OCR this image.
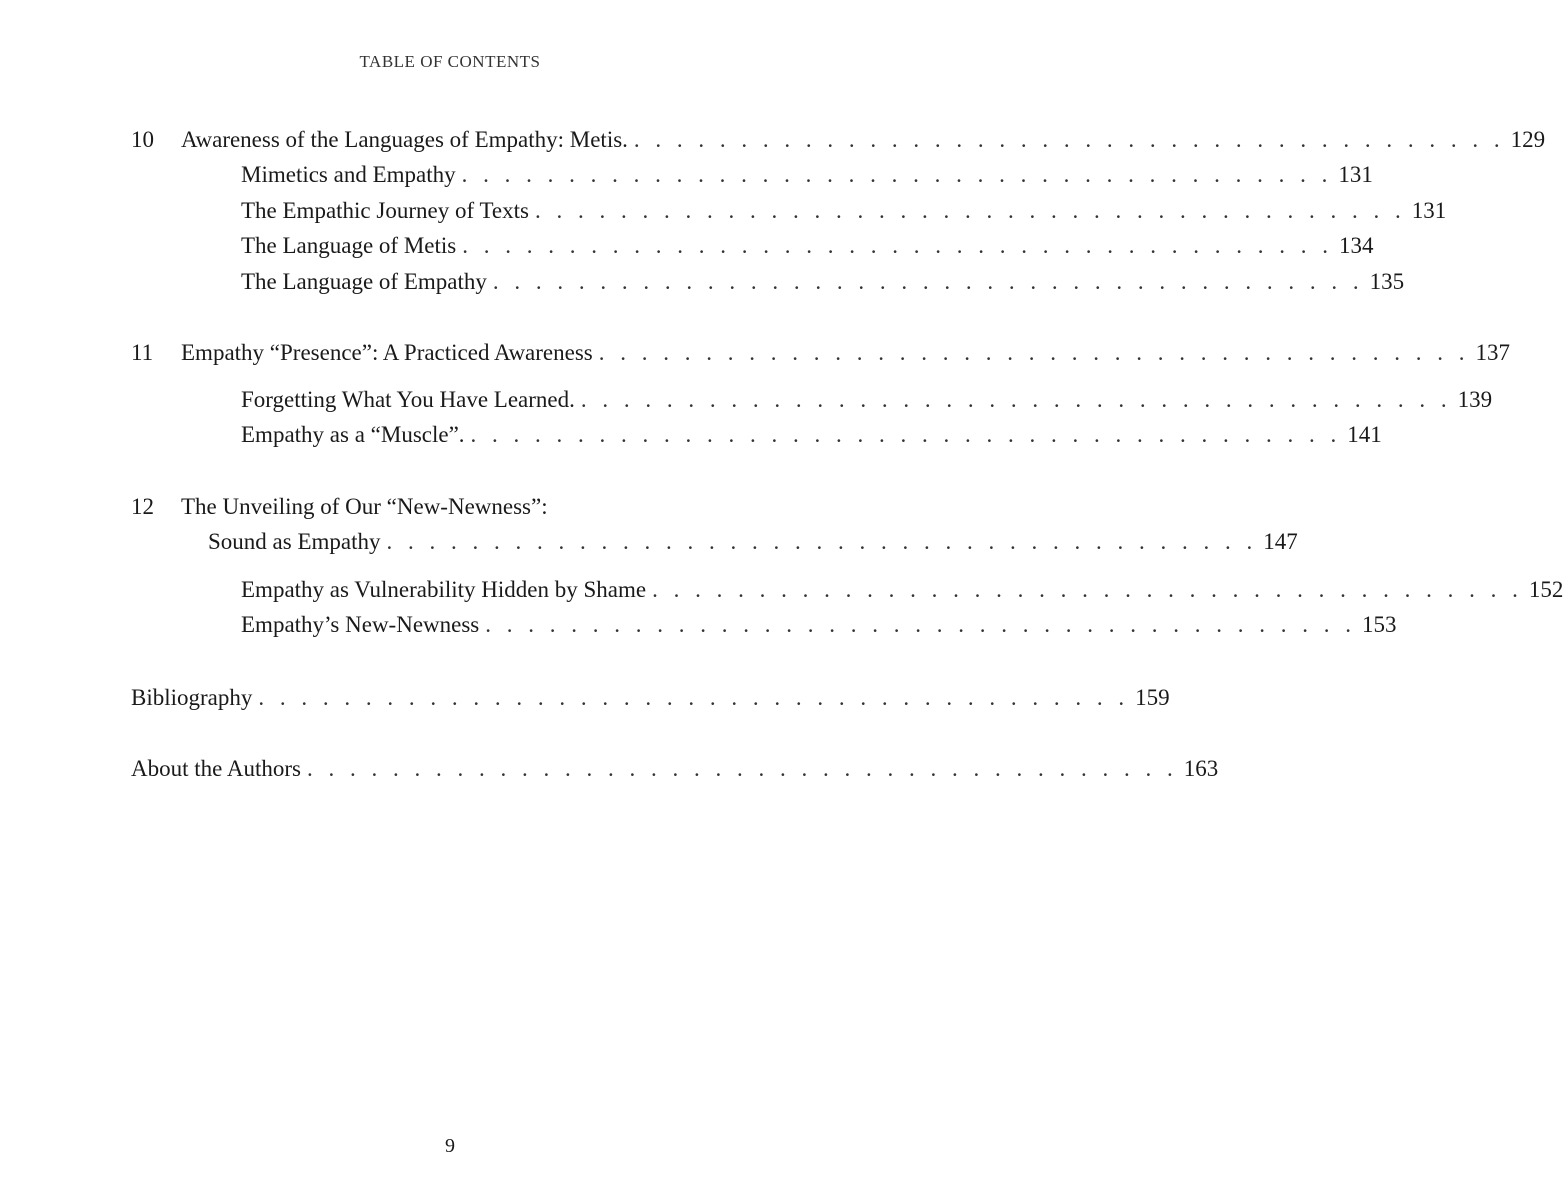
TABLE OF CONTENTS
10	Awareness of the Languages of Empathy: Metis. . . . . . . . . . . . . . . . . . . . . . . . . . . . . . . . . . . . . . . . . . 129
Mimetics and Empathy . . . . . . . . . . . . . . . . . . . . . . . . . . . . . . . . . . . . . . . . . 131
The Empathic Journey of Texts . . . . . . . . . . . . . . . . . . . . . . . . . . . . . . . . . . . . . . . . . 131
The Language of Metis . . . . . . . . . . . . . . . . . . . . . . . . . . . . . . . . . . . . . . . . . 134
The Language of Empathy . . . . . . . . . . . . . . . . . . . . . . . . . . . . . . . . . . . . . . . . . 135
11	Empathy “Presence”: A Practiced Awareness . . . . . . . . . . . . . . . . . . . . . . . . . . . . . . . . . . . . . . . . . 137
Forgetting What You Have Learned. . . . . . . . . . . . . . . . . . . . . . . . . . . . . . . . . . . . . . . . . . 139
Empathy as a “Muscle”. . . . . . . . . . . . . . . . . . . . . . . . . . . . . . . . . . . . . . . . . . 141
12	The Unveiling of Our “New-Newness”:
Sound as Empathy . . . . . . . . . . . . . . . . . . . . . . . . . . . . . . . . . . . . . . . . . 147
Empathy as Vulnerability Hidden by Shame . . . . . . . . . . . . . . . . . . . . . . . . . . . . . . . . . . . . . . . . . 152
Empathy’s New-Newness . . . . . . . . . . . . . . . . . . . . . . . . . . . . . . . . . . . . . . . . . 153
Bibliography . . . . . . . . . . . . . . . . . . . . . . . . . . . . . . . . . . . . . . . . . 159
About the Authors . . . . . . . . . . . . . . . . . . . . . . . . . . . . . . . . . . . . . . . . . 163
9
